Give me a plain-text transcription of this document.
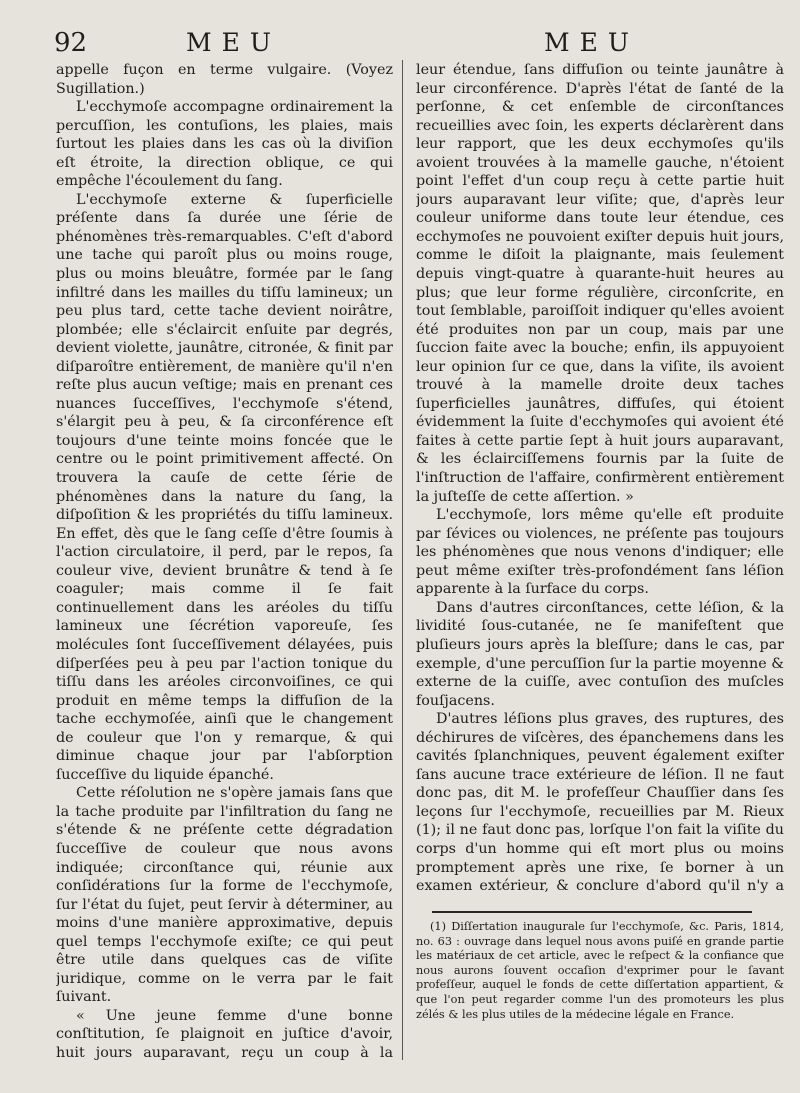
92	MEU	MEU

appelle fuçon en terme vulgaire. (Voyez Sugillation.)

L'ecchymoſe accompagne ordinairement la percuſſion, les contuſions, les plaies, mais ſurtout les plaies dans les cas où la diviſion eſt étroite, la direction oblique, ce qui empêche l'écoulement du ſang.

L'ecchymoſe externe & ſuperficielle préſente dans ſa durée une ſérie de phénomènes très-remarquables. C'eſt d'abord une tache qui paroît plus ou moins rouge, plus ou moins bleuâtre, formée par le ſang infiltré dans les mailles du tiſſu lamineux; un peu plus tard, cette tache devient noirâtre, plombée; elle s'éclaircit enſuite par degrés, devient violette, jaunâtre, citronée, & finit par diſparoître entièrement, de manière qu'il n'en reſte plus aucun veſtige; mais en prenant ces nuances ſucceſſives, l'ecchymoſe s'étend, s'élargit peu à peu, & ſa circonférence eſt toujours d'une teinte moins foncée que le centre ou le point primitivement affecté. On trouvera la cauſe de cette ſérie de phénomènes dans la nature du ſang, la diſpoſition & les propriétés du tiſſu lamineux. En effet, dès que le ſang ceſſe d'être ſoumis à l'action circulatoire, il perd, par le repos, ſa couleur vive, devient brunâtre & tend à ſe coaguler; mais comme il ſe fait continuellement dans les aréoles du tiſſu lamineux une ſécrétion vaporeuſe, ſes molécules ſont ſucceſſivement délayées, puis diſperſées peu à peu par l'action tonique du tiſſu dans les aréoles circonvoiſines, ce qui produit en même temps la diffuſion de la tache ecchymoſée, ainſi que le changement de couleur que l'on y remarque, & qui diminue chaque jour par l'abſorption ſucceſſive du liquide épanché.

Cette réſolution ne s'opère jamais ſans que la tache produite par l'infiltration du ſang ne s'étende & ne préſente cette dégradation ſucceſſive de couleur que nous avons indiquée; circonſtance qui, réunie aux conſidérations ſur la forme de l'ecchymoſe, ſur l'état du ſujet, peut ſervir à déterminer, au moins d'une manière approximative, depuis quel temps l'ecchymoſe exiſte; ce qui peut être utile dans quelques cas de viſite juridique, comme on le verra par le fait ſuivant.

« Une jeune femme d'une bonne conſtitution, ſe plaignoit en juſtice d'avoir, huit jours auparavant, reçu un coup à la

leur étendue, ſans diffuſion ou teinte jaunâtre à leur circonférence. D'après l'état de ſanté de la perſonne, & cet enſemble de circonſtances recueillies avec ſoin, les experts déclarèrent dans leur rapport, que les deux ecchymoſes qu'ils avoient trouvées à la mamelle gauche, n'étoient point l'effet d'un coup reçu à cette partie huit jours auparavant leur viſite; que, d'après leur couleur uniforme dans toute leur étendue, ces ecchymoſes ne pouvoient exiſter depuis huit jours, comme le diſoit la plaignante, mais ſeulement depuis vingt-quatre à quarante-huit heures au plus; que leur forme régulière, circonſcrite, en tout ſemblable, paroiſſoit indiquer qu'elles avoient été produites non par un coup, mais par une ſuccion faite avec la bouche; enfin, ils appuyoient leur opinion ſur ce que, dans la viſite, ils avoient trouvé à la mamelle droite deux taches ſuperficielles jaunâtres, diffuſes, qui étoient évidemment la ſuite d'ecchymoſes qui avoient été faites à cette partie ſept à huit jours auparavant, & les éclairciſſemens fournis par la ſuite de l'inſtruction de l'affaire, confirmèrent entièrement la juſteſſe de cette aſſertion. »

L'ecchymoſe, lors même qu'elle eſt produite par ſévices ou violences, ne préſente pas toujours les phénomènes que nous venons d'indiquer; elle peut même exiſter très-profondément ſans léſion apparente à la ſurface du corps.

Dans d'autres circonſtances, cette léſion, & la lividité ſous-cutanée, ne ſe manifeſtent que pluſieurs jours après la bleſſure; dans le cas, par exemple, d'une percuſſion ſur la partie moyenne & externe de la cuiſſe, avec contuſion des muſcles fouſjacens.

D'autres léſions plus graves, des ruptures, des déchirures de viſcères, des épanchemens dans les cavités ſplanchniques, peuvent également exiſter ſans aucune trace extérieure de léſion. Il ne faut donc pas, dit M. le profeſſeur Chauſſier dans ſes leçons ſur l'ecchymoſe, recueillies par M. Rieux (1); il ne faut donc pas, lorſque l'on fait la viſite du corps d'un homme qui eſt mort plus ou moins promptement après une rixe, ſe borner à un examen extérieur, & conclure d'abord qu'il n'y a

(1) Diſſertation inaugurale ſur l'ecchymoſe, &c. Paris, 1814, no. 63 : ouvrage dans lequel nous avons puiſé en grande partie les matériaux de cet article, avec le reſpect & la confiance que nous aurons ſouvent occaſion d'exprimer pour le ſavant profeſſeur, auquel le fonds de cette diſſertation appartient, & que l'on peut regarder comme l'un des promoteurs les plus zélés & les plus utiles de la médecine légale en France.
